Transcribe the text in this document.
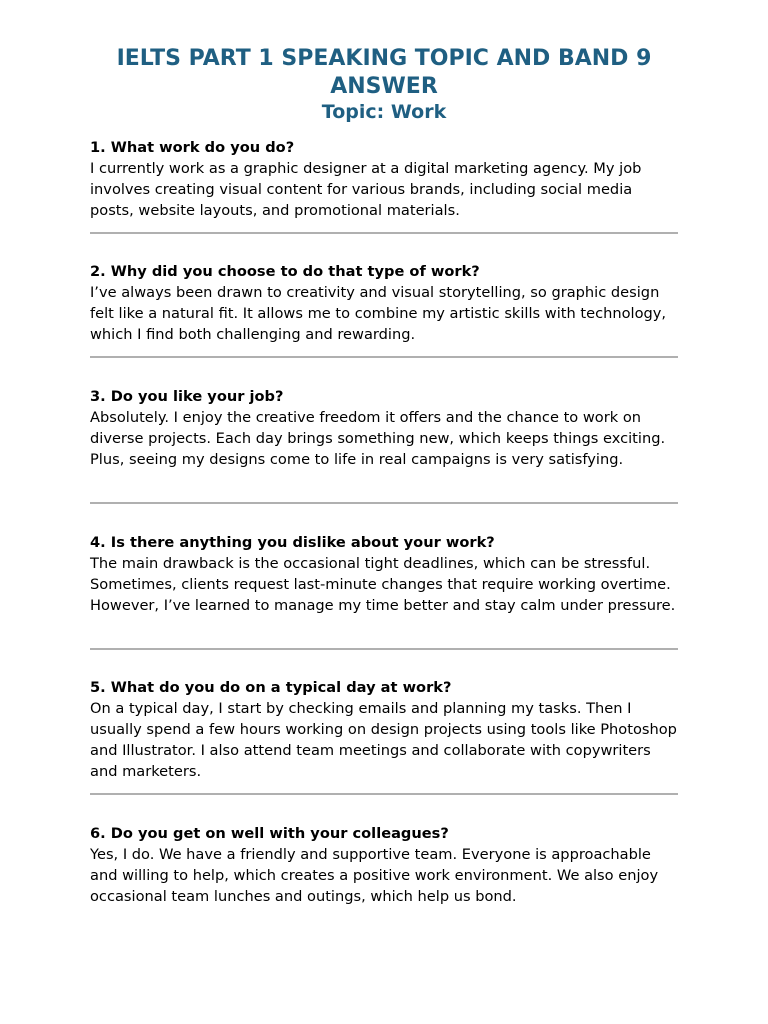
IELTS PART 1 SPEAKING TOPIC AND BAND 9 ANSWER
Topic: Work

1. What work do you do?

I currently work as a graphic designer at a digital marketing agency. My job involves creating visual content for various brands, including social media posts, website layouts, and promotional materials.

2. Why did you choose to do that type of work?

I’ve always been drawn to creativity and visual storytelling, so graphic design felt like a natural fit. It allows me to combine my artistic skills with technology, which I find both challenging and rewarding.

3. Do you like your job?

Absolutely. I enjoy the creative freedom it offers and the chance to work on diverse projects. Each day brings something new, which keeps things exciting. Plus, seeing my designs come to life in real campaigns is very satisfying.

4. Is there anything you dislike about your work?

The main drawback is the occasional tight deadlines, which can be stressful. Sometimes, clients request last-minute changes that require working overtime. However, I’ve learned to manage my time better and stay calm under pressure.

5. What do you do on a typical day at work?

On a typical day, I start by checking emails and planning my tasks. Then I usually spend a few hours working on design projects using tools like Photoshop and Illustrator. I also attend team meetings and collaborate with copywriters and marketers.

6. Do you get on well with your colleagues?

Yes, I do. We have a friendly and supportive team. Everyone is approachable and willing to help, which creates a positive work environment. We also enjoy occasional team lunches and outings, which help us bond.
